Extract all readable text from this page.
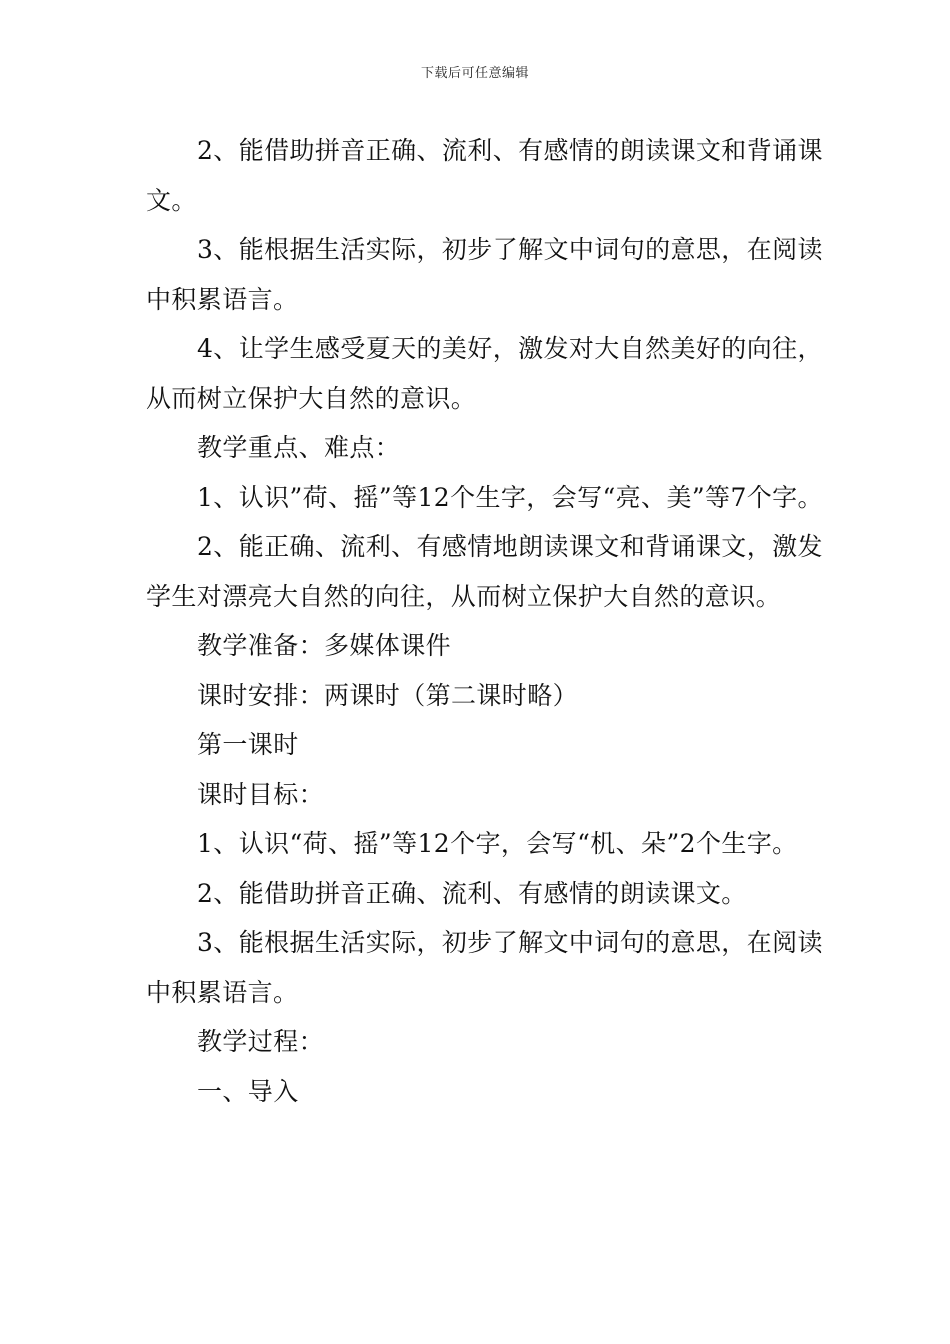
下载后可任意编辑

2、能借助拼音正确、流利、有感情的朗读课文和背诵课文。

3、能根据生活实际，初步了解文中词句的意思，在阅读中积累语言。

4、让学生感受夏天的美好，激发对大自然美好的向往，从而树立保护大自然的意识。

教学重点、难点：

1、认识”荷、摇”等12个生字，会写“亮、美”等7个字。

2、能正确、流利、有感情地朗读课文和背诵课文，激发学生对漂亮大自然的向往，从而树立保护大自然的意识。

教学准备：多媒体课件

课时安排：两课时（第二课时略）

第一课时

课时目标：

1、认识“荷、摇”等12个字，会写“机、朵”2个生字。

2、能借助拼音正确、流利、有感情的朗读课文。

3、能根据生活实际，初步了解文中词句的意思，在阅读中积累语言。

教学过程：

一、导入
